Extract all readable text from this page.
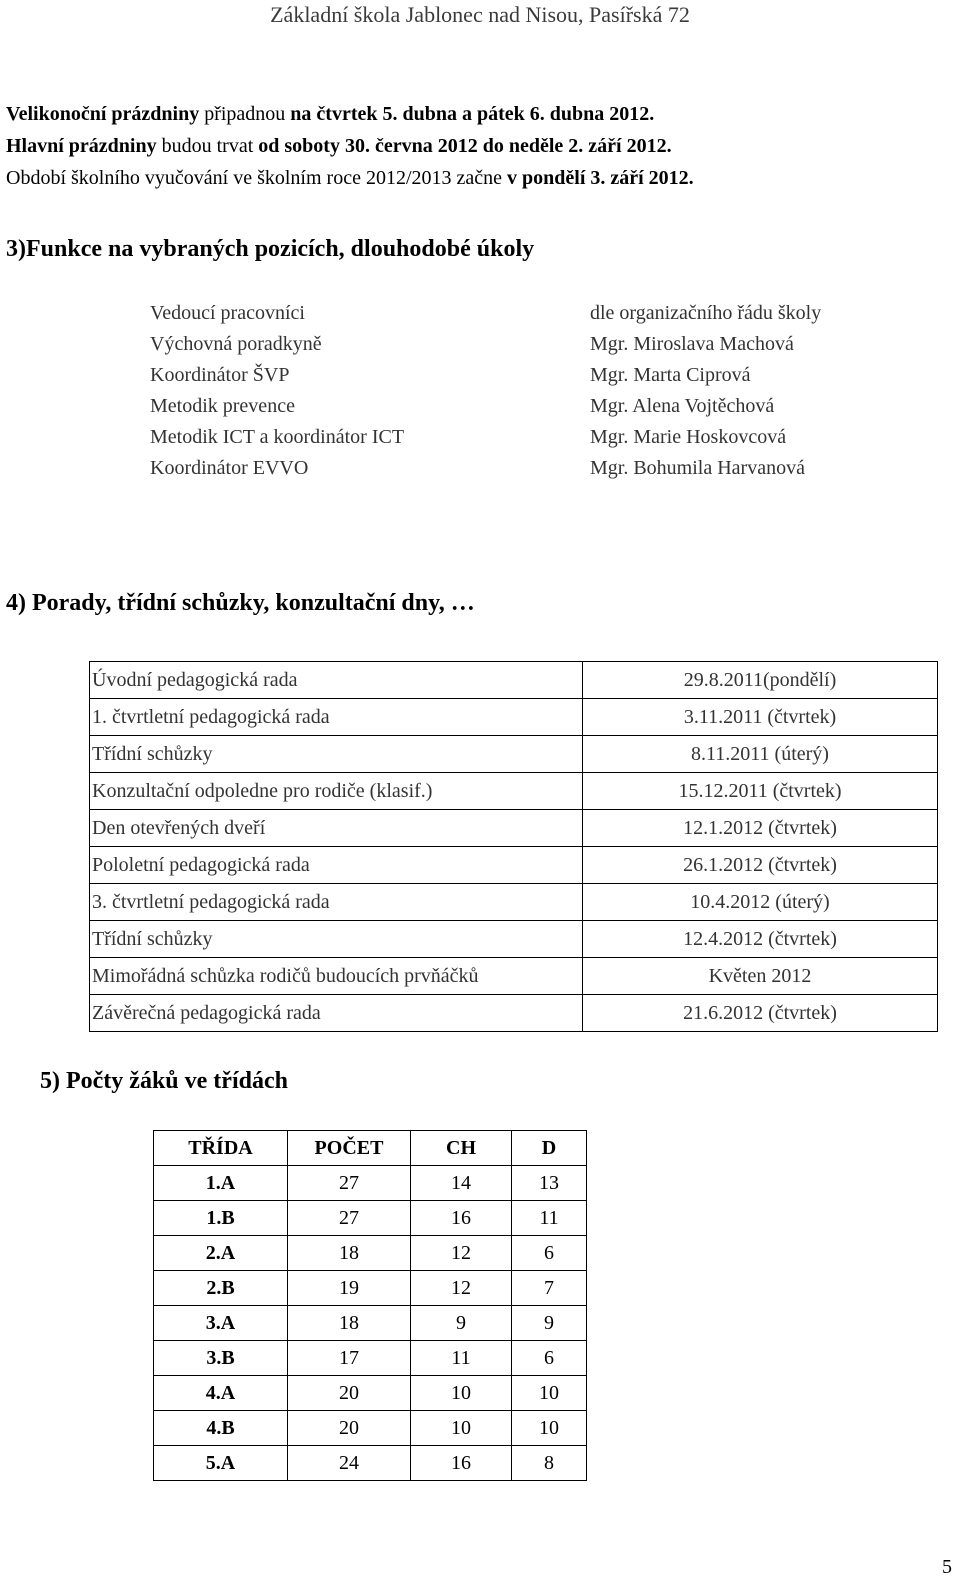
Základní škola Jablonec nad Nisou, Pasířská 72
Velikonoční prázdniny připadnou na čtvrtek 5. dubna a pátek 6. dubna 2012.
Hlavní prázdniny budou trvat od soboty 30. června 2012 do neděle 2. září 2012.
Období školního vyučování ve školním roce 2012/2013 začne v pondělí 3. září 2012.
3)Funkce na vybraných pozicích, dlouhodobé úkoly
Vedoucí pracovníci	dle organizačního řádu školy
Výchovná poradkyně	Mgr. Miroslava Machová
Koordinátor ŠVP	Mgr. Marta Ciprová
Metodik prevence	Mgr. Alena Vojtěchová
Metodik ICT a koordinátor ICT	Mgr. Marie Hoskovcová
Koordinátor EVVO	Mgr. Bohumila Harvanová
4) Porady, třídní schůzky, konzultační dny, …
Úvodní pedagogická rada	29.8.2011(pondělí)
1. čtvrtletní pedagogická rada	3.11.2011 (čtvrtek)
Třídní schůzky	8.11.2011 (úterý)
Konzultační odpoledne pro rodiče (klasif.)	15.12.2011 (čtvrtek)
Den otevřených dveří	12.1.2012 (čtvrtek)
Pololetní pedagogická rada	26.1.2012 (čtvrtek)
3. čtvrtletní pedagogická rada	10.4.2012 (úterý)
Třídní schůzky	12.4.2012 (čtvrtek)
Mimořádná schůzka rodičů budoucích prvňáčků	Květen 2012
Závěrečná pedagogická rada	21.6.2012 (čtvrtek)
5) Počty žáků ve třídách
TŘÍDA	POČET	CH	D
1.A	27	14	13
1.B	27	16	11
2.A	18	12	6
2.B	19	12	7
3.A	18	9	9
3.B	17	11	6
4.A	20	10	10
4.B	20	10	10
5.A	24	16	8
5
